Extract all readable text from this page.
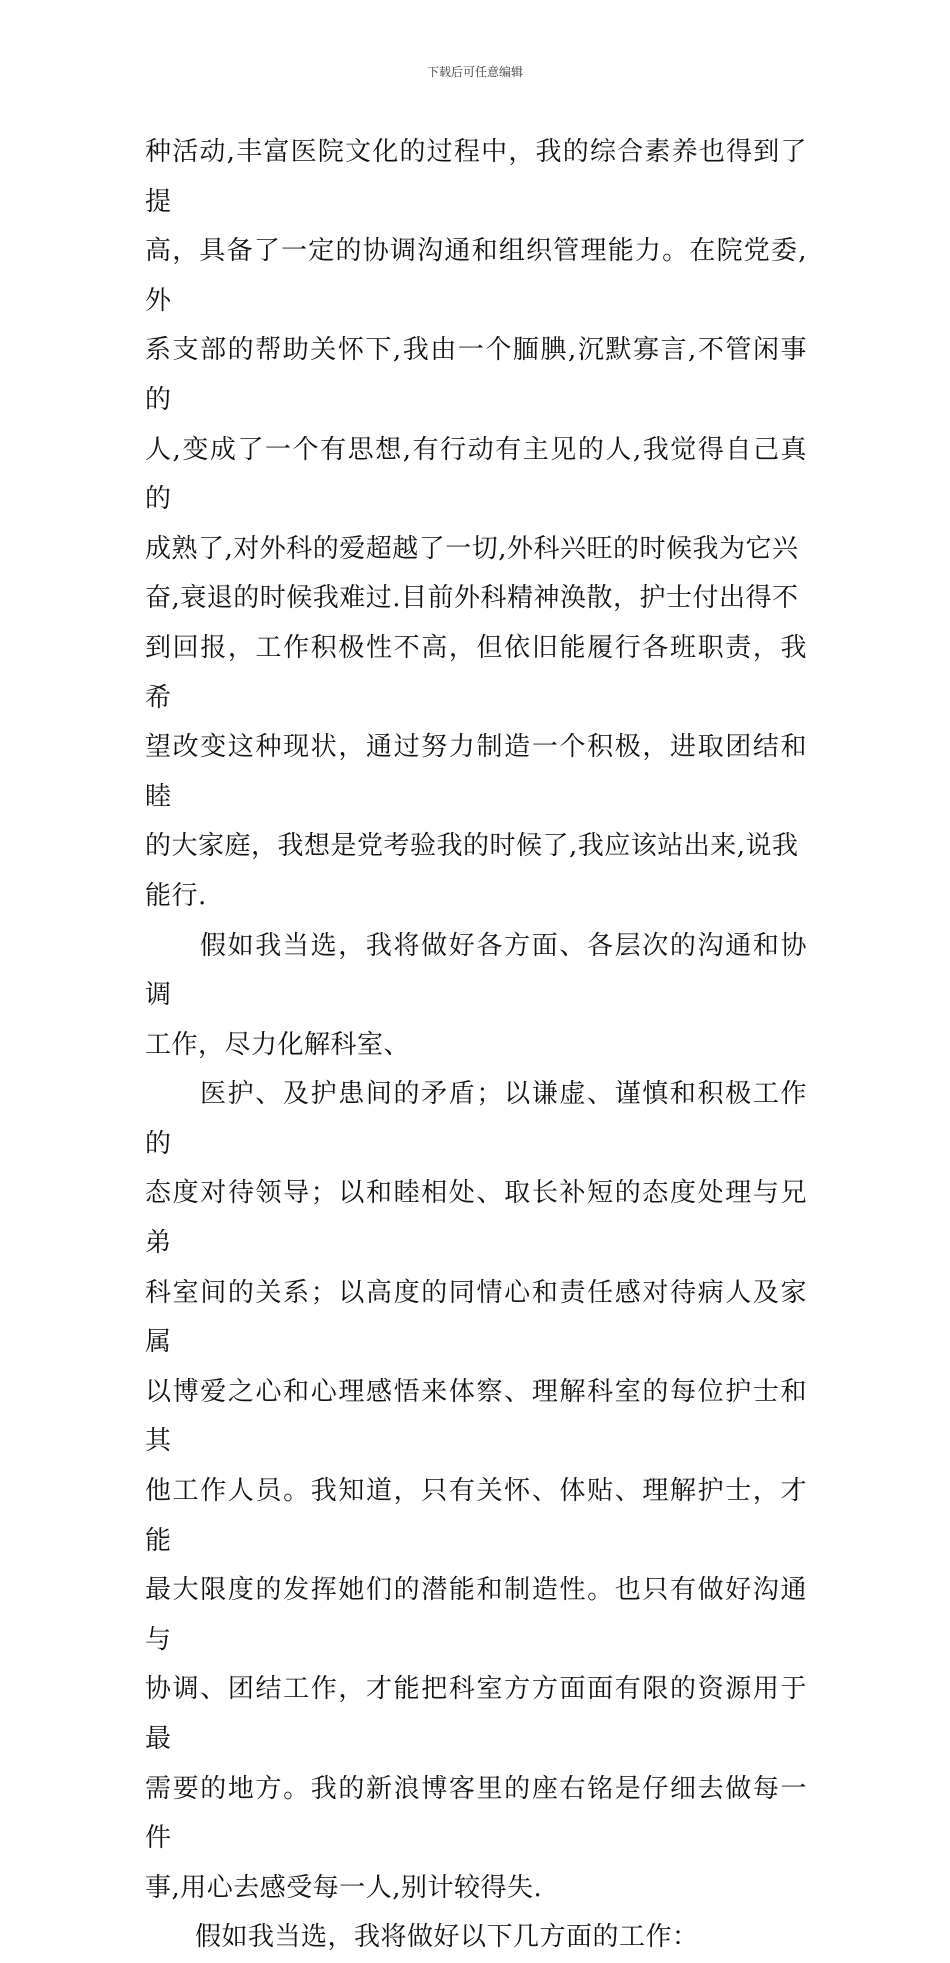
下载后可任意编辑
种活动,丰富医院文化的过程中，我的综合素养也得到了提
高，具备了一定的协调沟通和组织管理能力。在院党委,外
系支部的帮助关怀下,我由一个腼腆,沉默寡言,不管闲事的
人,变成了一个有思想,有行动有主见的人,我觉得自己真的
成熟了,对外科的爱超越了一切,外科兴旺的时候我为它兴
奋,衰退的时候我难过.目前外科精神涣散，护士付出得不
到回报，工作积极性不高，但依旧能履行各班职责，我希
望改变这种现状，通过努力制造一个积极，进取团结和睦
的大家庭，我想是党考验我的时候了,我应该站出来,说我
能行.
假如我当选，我将做好各方面、各层次的沟通和协调
工作，尽力化解科室、
医护、及护患间的矛盾；以谦虚、谨慎和积极工作的
态度对待领导；以和睦相处、取长补短的态度处理与兄弟
科室间的关系；以高度的同情心和责任感对待病人及家属
以博爱之心和心理感悟来体察、理解科室的每位护士和其
他工作人员。我知道，只有关怀、体贴、理解护士，才能
最大限度的发挥她们的潜能和制造性。也只有做好沟通与
协调、团结工作，才能把科室方方面面有限的资源用于最
需要的地方。我的新浪博客里的座右铭是仔细去做每一件
事,用心去感受每一人,别计较得失.
假如我当选，我将做好以下几方面的工作：
